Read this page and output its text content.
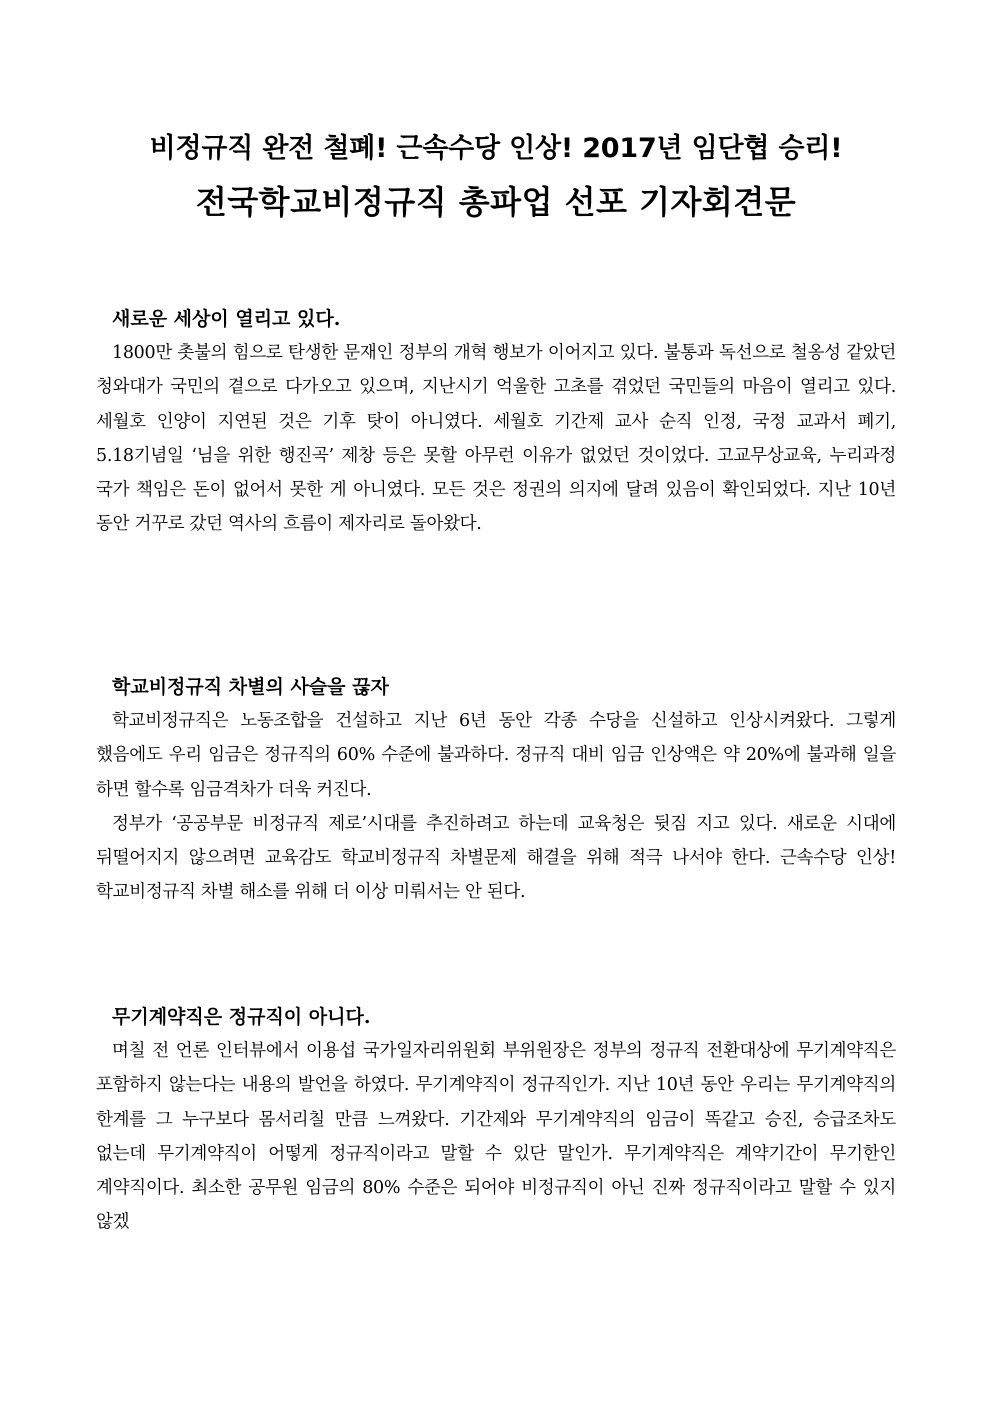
비정규직 완전 철폐! 근속수당 인상! 2017년 임단협 승리!
전국학교비정규직 총파업 선포 기자회견문
새로운 세상이 열리고 있다.

1800만 촛불의 힘으로 탄생한 문재인 정부의 개혁 행보가 이어지고 있다. 불통과 독선으로 철옹성 같았던 청와대가 국민의 곁으로 다가오고 있으며, 지난시기 억울한 고초를 겪었던 국민들의 마음이 열리고 있다. 세월호 인양이 지연된 것은 기후 탓이 아니였다. 세월호 기간제 교사 순직 인정, 국정 교과서 폐기, 5.18기념일 ‘님을 위한 행진곡’ 제창 등은 못할 아무런 이유가 없었던 것이었다. 고교무상교육, 누리과정 국가 책임은 돈이 없어서 못한 게 아니였다. 모든 것은 정권의 의지에 달려 있음이 확인되었다. 지난 10년 동안 거꾸로 갔던 역사의 흐름이 제자리로 돌아왔다.

학교비정규직 차별의 사슬을 끊자

학교비정규직은 노동조합을 건설하고 지난 6년 동안 각종 수당을 신설하고 인상시켜왔다. 그렇게 했음에도 우리 임금은 정규직의 60% 수준에 불과하다. 정규직 대비 임금 인상액은 약 20%에 불과해 일을 하면 할수록 임금격차가 더욱 커진다.

정부가 ‘공공부문 비정규직 제로’시대를 추진하려고 하는데 교육청은 뒷짐 지고 있다. 새로운 시대에 뒤떨어지지 않으려면 교육감도 학교비정규직 차별문제 해결을 위해 적극 나서야 한다. 근속수당 인상! 학교비정규직 차별 해소를 위해 더 이상 미뤄서는 안 된다.

무기계약직은 정규직이 아니다.

며칠 전 언론 인터뷰에서 이용섭 국가일자리위원회 부위원장은 정부의 정규직 전환대상에 무기계약직은 포함하지 않는다는 내용의 발언을 하였다. 무기계약직이 정규직인가. 지난 10년 동안 우리는 무기계약직의 한계를 그 누구보다 몸서리칠 만큼 느껴왔다. 기간제와 무기계약직의 임금이 똑같고 승진, 승급조차도 없는데 무기계약직이 어떻게 정규직이라고 말할 수 있단 말인가. 무기계약직은 계약기간이 무기한인 계약직이다. 최소한 공무원 임금의 80% 수준은 되어야 비정규직이 아닌 진짜 정규직이라고 말할 수 있지 않겠
